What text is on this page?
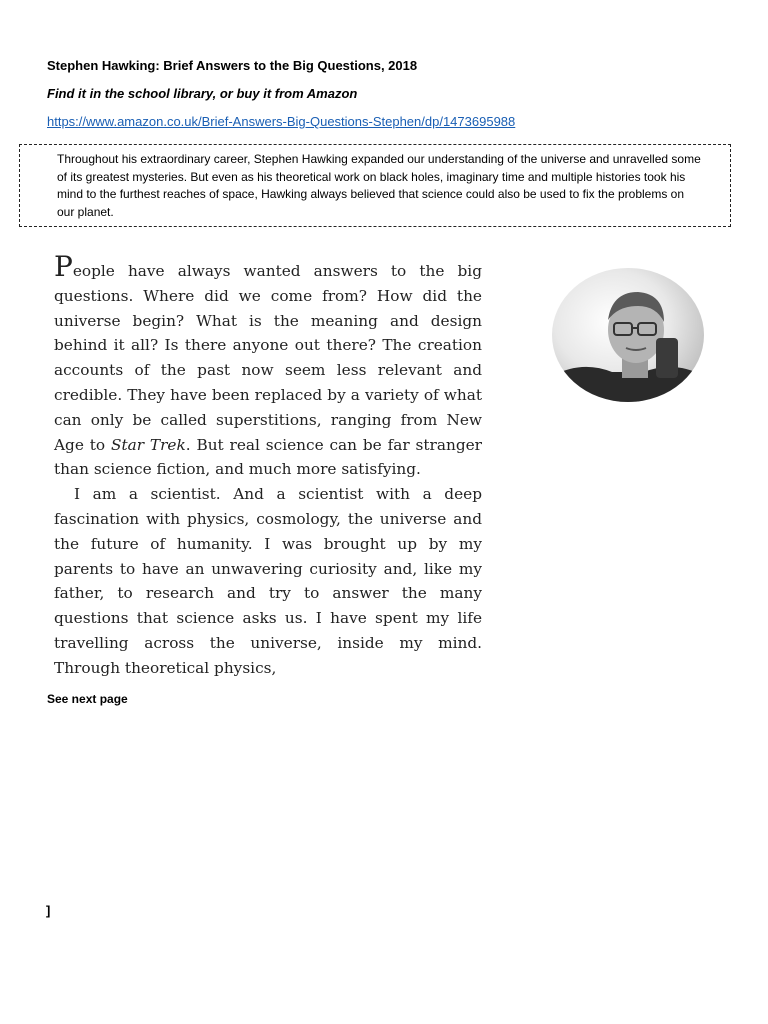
Stephen Hawking: Brief Answers to the Big Questions, 2018
Find it in the school library, or buy it from Amazon
https://www.amazon.co.uk/Brief-Answers-Big-Questions-Stephen/dp/1473695988
Throughout his extraordinary career, Stephen Hawking expanded our understanding of the universe and unravelled some of its greatest mysteries. But even as his theoretical work on black holes, imaginary time and multiple histories took his mind to the furthest reaches of space, Hawking always believed that science could also be used to fix the problems on our planet.

People have always wanted answers to the big questions. Where did we come from? How did the universe begin? What is the meaning and design behind it all? Is there anyone out there? The creation accounts of the past now seem less relevant and credible. They have been replaced by a variety of what can only be called superstitions, ranging from New Age to Star Trek. But real science can be far stranger than science fiction, and much more satisfying.

I am a scientist. And a scientist with a deep fascination with physics, cosmology, the universe and the future of humanity. I was brought up by my parents to have an unwavering curiosity and, like my father, to research and try to answer the many questions that science asks us. I have spent my life travelling across the universe, inside my mind. Through theoretical physics,

See next page
]
